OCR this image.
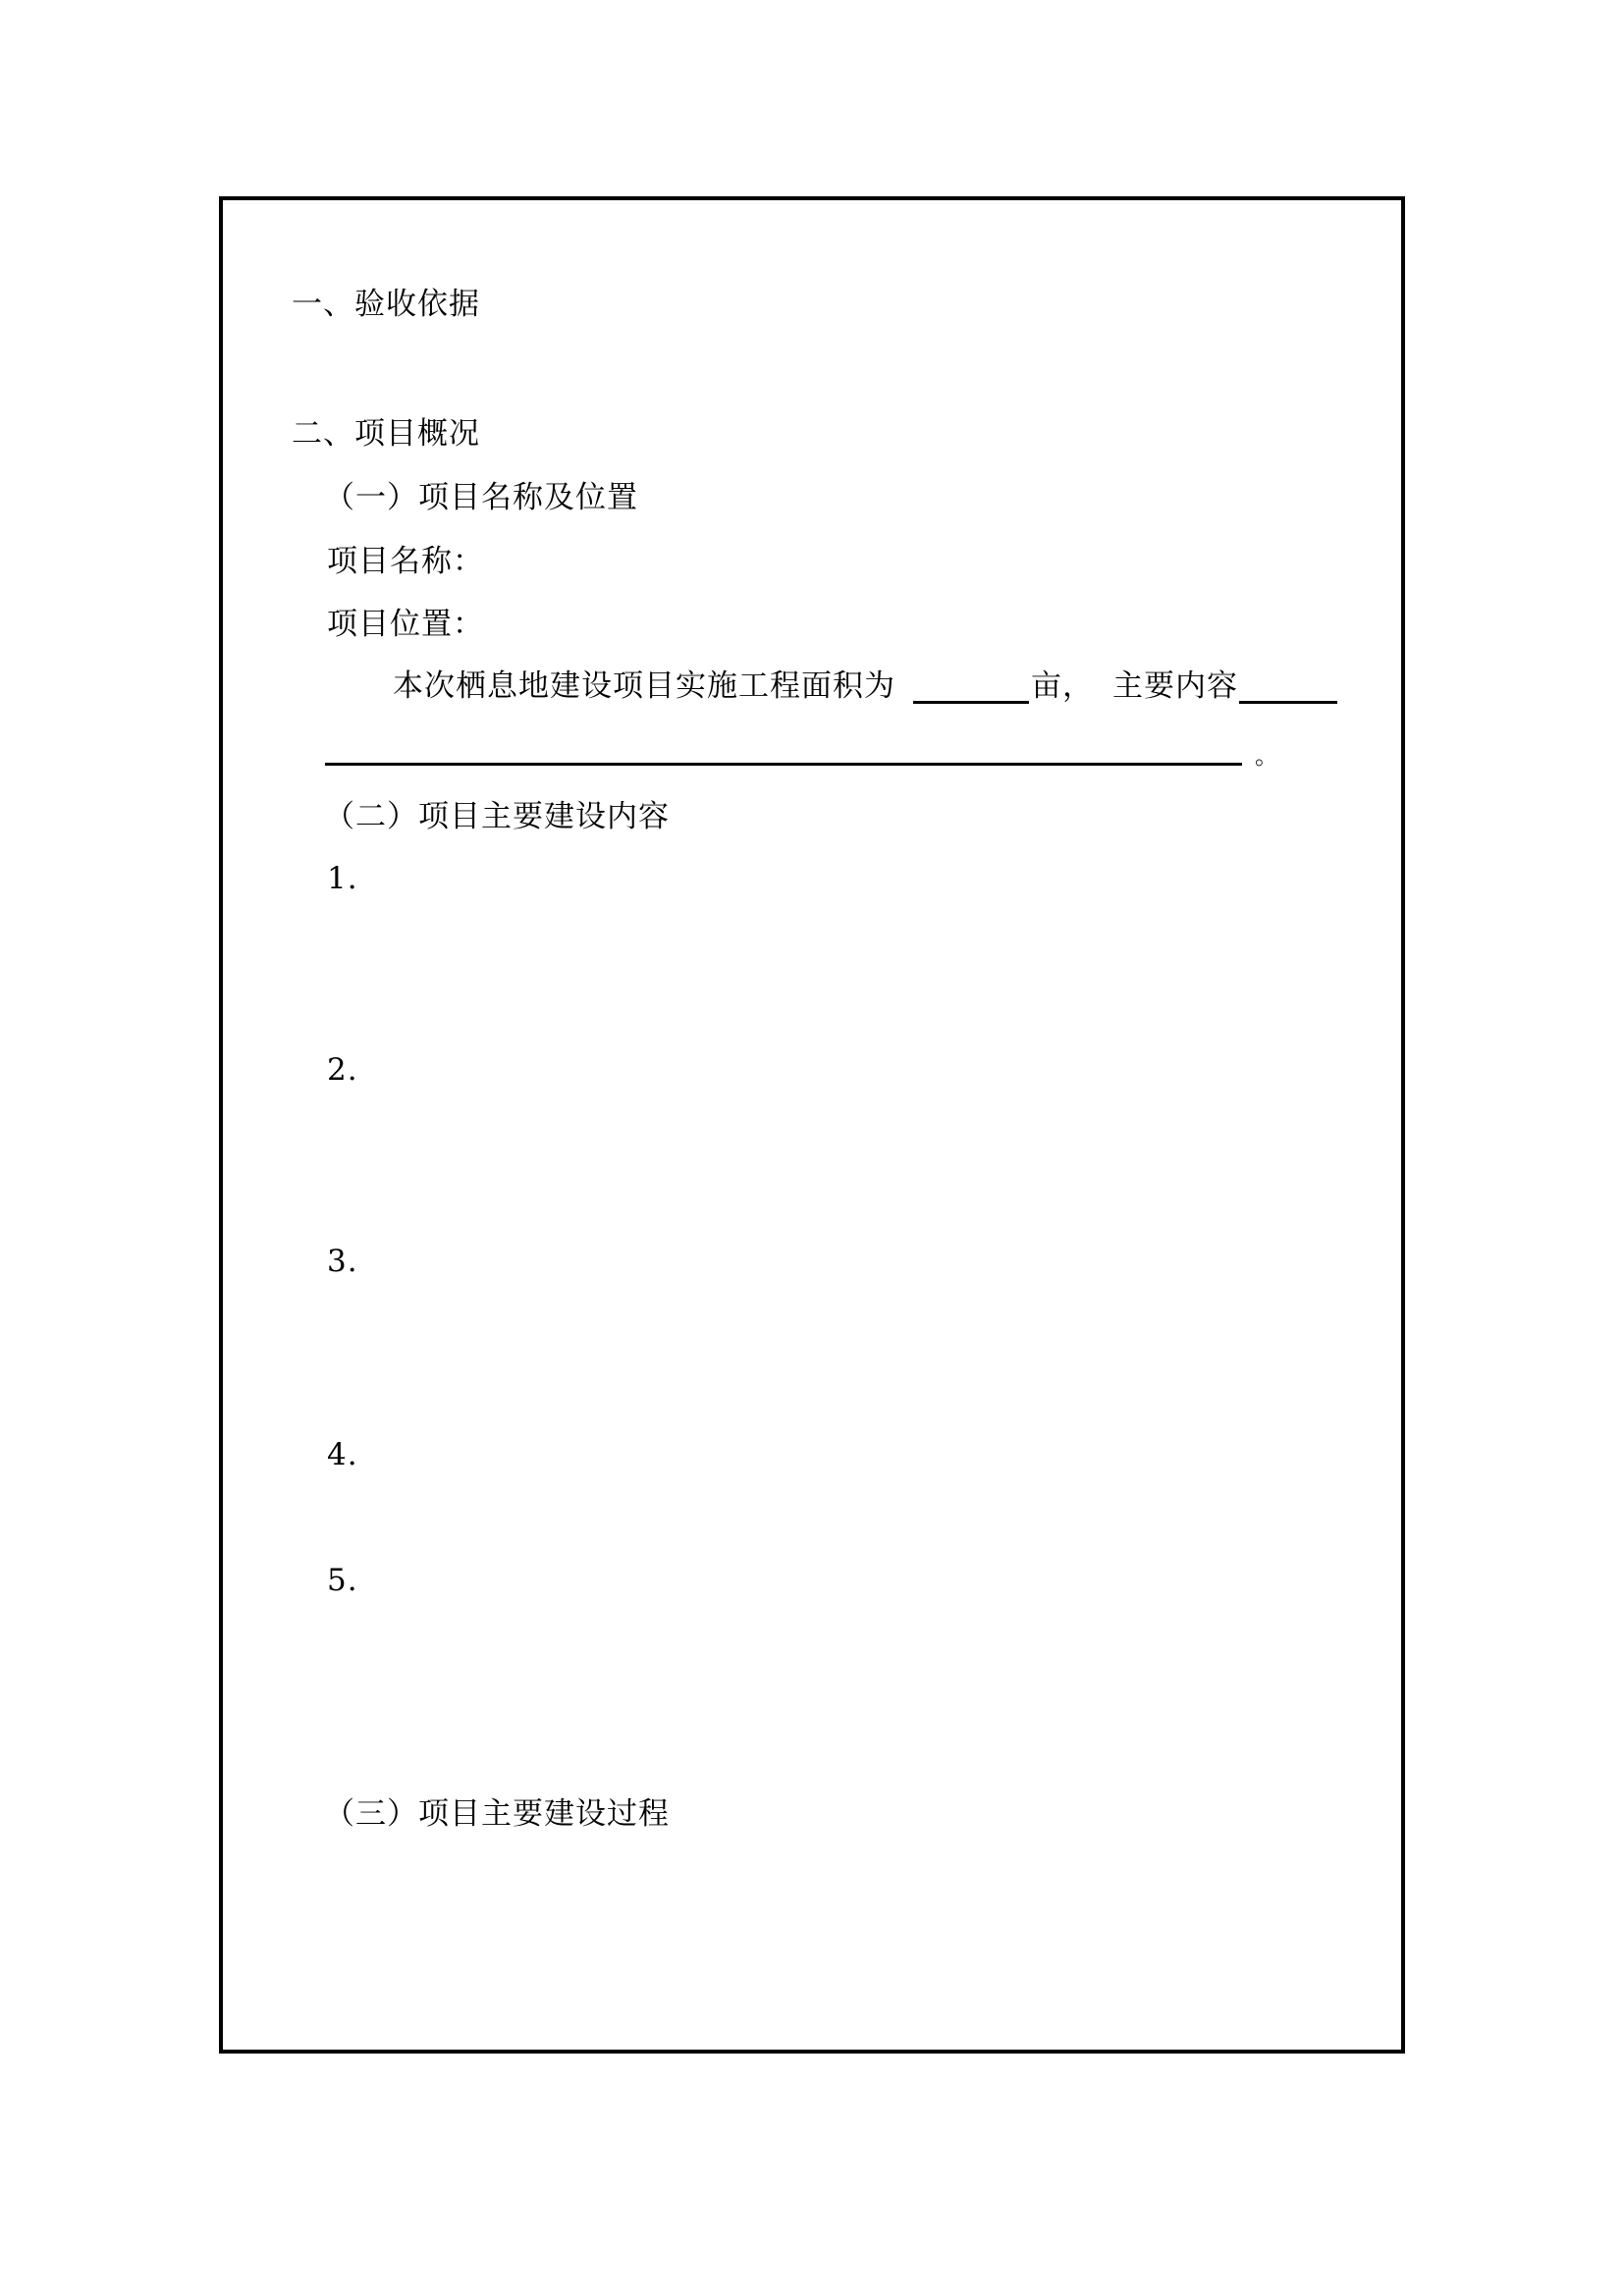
一、验收依据
二、项目概况
（一）项目名称及位置
项目名称：
项目位置：
本次栖息地建设项目实施工程面积为	亩， 主要内容
。
（二）项目主要建设内容
1.
2.
3.
4.
5.
（三）项目主要建设过程
